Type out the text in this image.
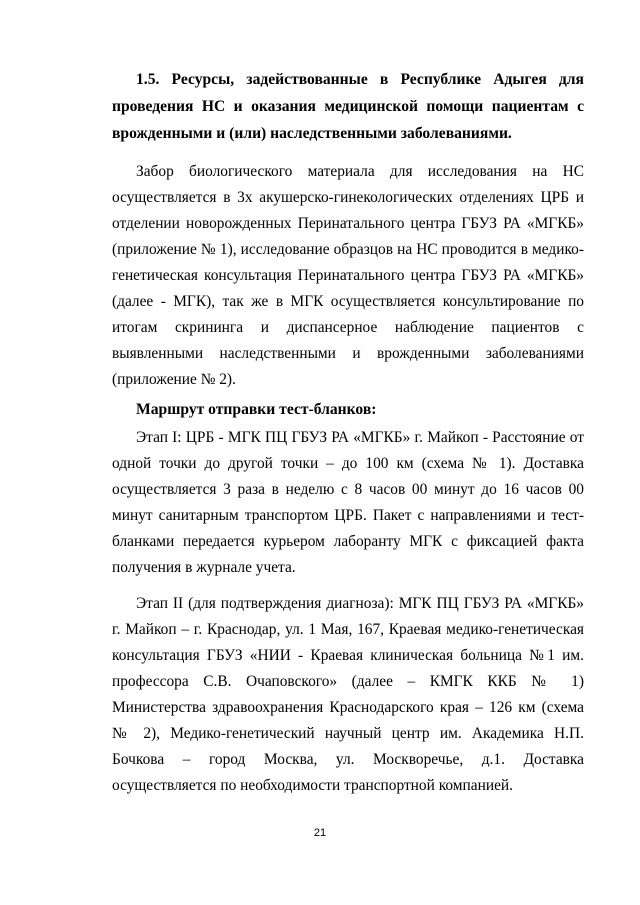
1.5. Ресурсы, задействованные в Республике Адыгея для проведения НС и оказания медицинской помощи пациентам с врожденными и (или) наследственными заболеваниями.

Забор биологического материала для исследования на НС осуществляется в 3х акушерско-гинекологических отделениях ЦРБ и отделении новорожденных Перинатального центра ГБУЗ РА «МГКБ» (приложение № 1), исследование образцов на НС проводится в медико-генетическая консультация Перинатального центра ГБУЗ РА «МГКБ» (далее - МГК), так же в МГК осуществляется консультирование по итогам скрининга и диспансерное наблюдение пациентов с выявленными наследственными и врожденными заболеваниями (приложение № 2).

Маршрут отправки тест-бланков:

Этап I: ЦРБ - МГК ПЦ ГБУЗ РА «МГКБ» г. Майкоп - Расстояние от одной точки до другой точки – до 100 км (схема № 1). Доставка осуществляется 3 раза в неделю с 8 часов 00 минут до 16 часов 00 минут санитарным транспортом ЦРБ. Пакет с направлениями и тест-бланками передается курьером лаборанту МГК с фиксацией факта получения в журнале учета.

Этап II (для подтверждения диагноза): МГК ПЦ ГБУЗ РА «МГКБ» г. Майкоп – г. Краснодар, ул. 1 Мая, 167, Краевая медико-генетическая консультация ГБУЗ «НИИ - Краевая клиническая больница №1 им. профессора С.В. Очаповского» (далее – КМГК ККБ № 1) Министерства здравоохранения Краснодарского края – 126 км (схема № 2), Медико-генетический научный центр им. Академика Н.П. Бочкова – город Москва, ул. Москворечье, д.1. Доставка осуществляется по необходимости транспортной компанией.

21
